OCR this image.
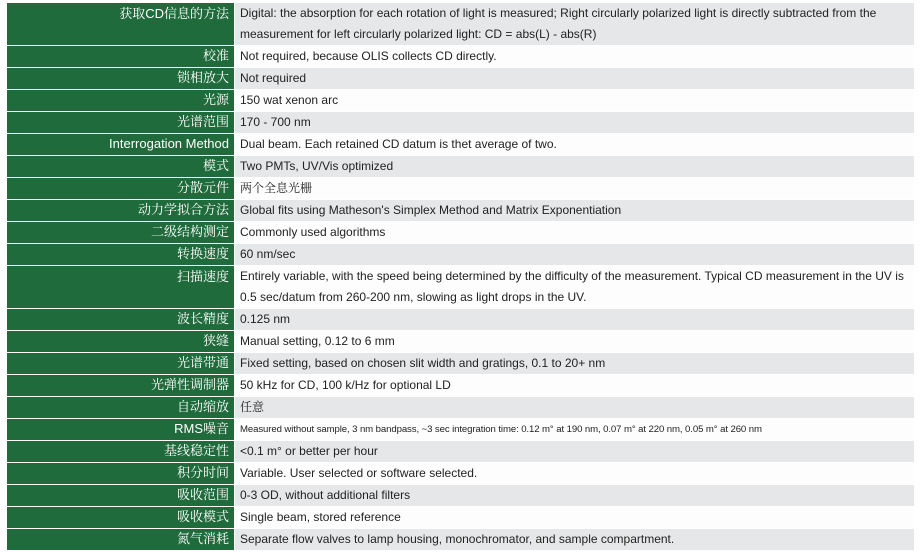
获取CD信息的方法	Digital: the absorption for each rotation of light is measured; Right circularly polarized light is directly subtracted from the measurement for left circularly polarized light: CD = abs(L) - abs(R)
校准	Not required, because OLIS collects CD directly.
锁相放大	Not required
光源	150 wat xenon arc
光谱范围	170 - 700 nm
Interrogation Method	Dual beam. Each retained CD datum is thet average of two.
模式	Two PMTs, UV/Vis optimized
分散元件	两个全息光栅
动力学拟合方法	Global fits using Matheson's Simplex Method and Matrix Exponentiation
二级结构测定	Commonly used algorithms
转换速度	60 nm/sec
扫描速度	Entirely variable, with the speed being determined by the difficulty of the measurement. Typical CD measurement in the UV is 0.5 sec/datum from 260-200 nm, slowing as light drops in the UV.
波长精度	0.125 nm
狭缝	Manual setting, 0.12 to 6 mm
光谱带通	Fixed setting, based on chosen slit width and gratings, 0.1 to 20+ nm
光弹性调制器	50 kHz for CD, 100 k/Hz for optional LD
自动缩放	任意
RMS噪音	Measured without sample, 3 nm bandpass, ~3 sec integration time: 0.12 m° at 190 nm, 0.07 m° at 220 nm, 0.05 m° at 260 nm
基线稳定性	<0.1 m° or better per hour
积分时间	Variable. User selected or software selected.
吸收范围	0-3 OD, without additional filters
吸收模式	Single beam, stored reference
氮气消耗	Separate flow valves to lamp housing, monochromator, and sample compartment.
